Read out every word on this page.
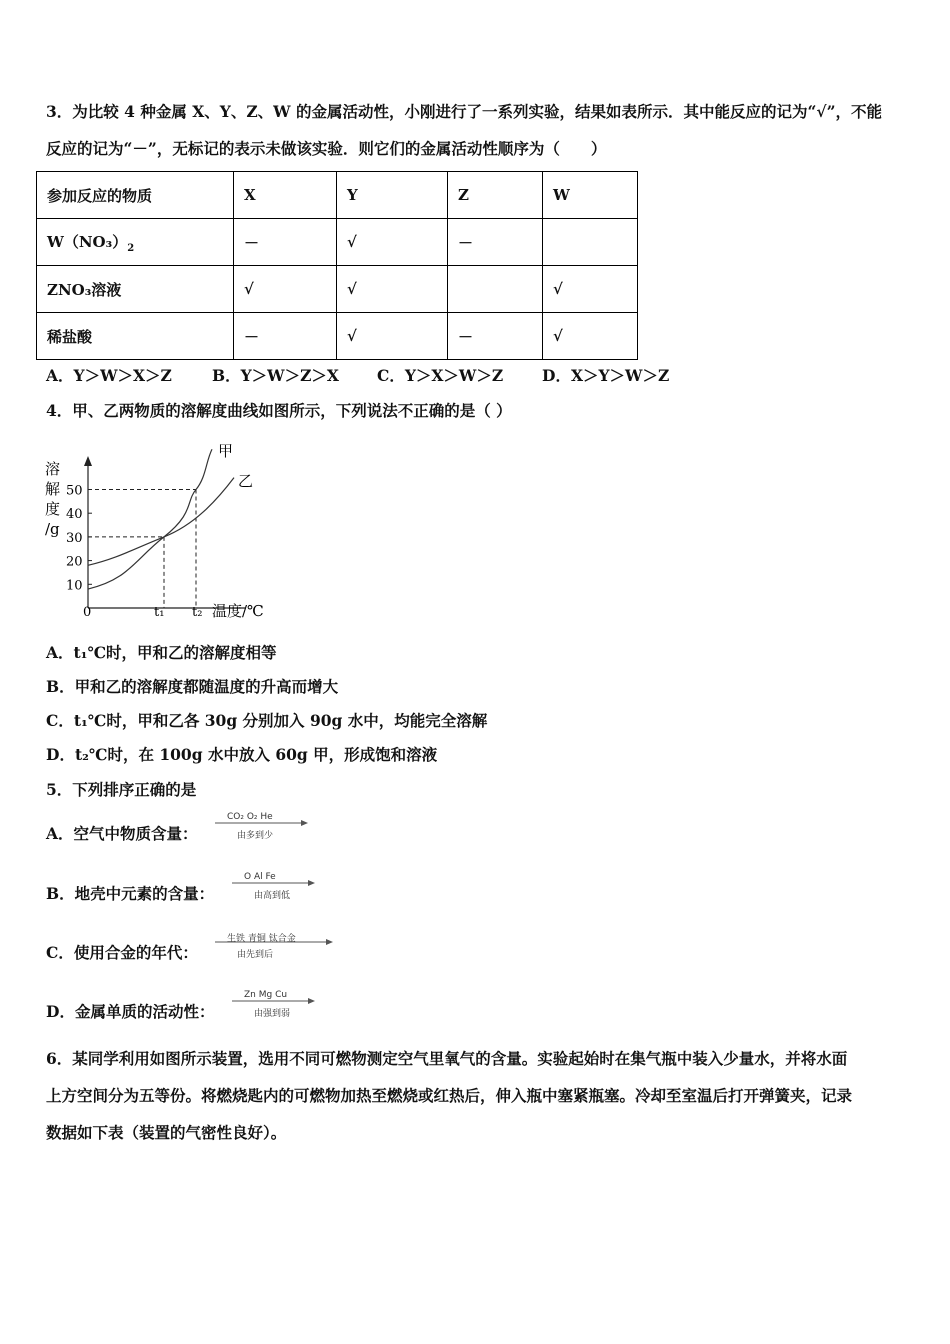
3．为比较 4 种金属 X、Y、Z、W 的金属活动性，小刚进行了一系列实验，结果如表所示．其中能反应的记为“√”，不能
反应的记为“－”，无标记的表示未做该实验．则它们的金属活动性顺序为（　　）
参加反应的物质	X	Y	Z	W
$W(NO_3)_2$	－	√	－	
ZNO₃溶液	√	√		√
稀盐酸	－	√	－	√
A．Y＞W＞X＞Z	B．Y＞W＞Z＞X C．Y＞X＞W＞Z	D．X＞Y＞W＞Z
4．甲、乙两物质的溶解度曲线如图所示，下列说法不正确的是（ ）
溶
解
度
/g
50
40
30
20
10
甲
乙
0	t₁ t₂ 温度/℃
A．t₁℃时，甲和乙的溶解度相等
B．甲和乙的溶解度都随温度的升高而增大
C．t₁℃时，甲和乙各 30g 分别加入 90g 水中，均能完全溶解
D．t₂℃时，在 100g 水中放入 60g 甲，形成饱和溶液
5．下列排序正确的是
A．空气中物质含量：
CO₂ O₂ He
由多到少
B．地壳中元素的含量：
O Al Fe
由高到低
C．使用合金的年代：
生铁 青铜 钛合金
由先到后
D．金属单质的活动性：
Zn Mg Cu
由强到弱
6．某同学利用如图所示装置，选用不同可燃物测定空气里氧气的含量。实验起始时在集气瓶中装入少量水，并将水面
上方空间分为五等份。将燃烧匙内的可燃物加热至燃烧或红热后，伸入瓶中塞紧瓶塞。冷却至室温后打开弹簧夹，记录
数据如下表（装置的气密性良好）。
